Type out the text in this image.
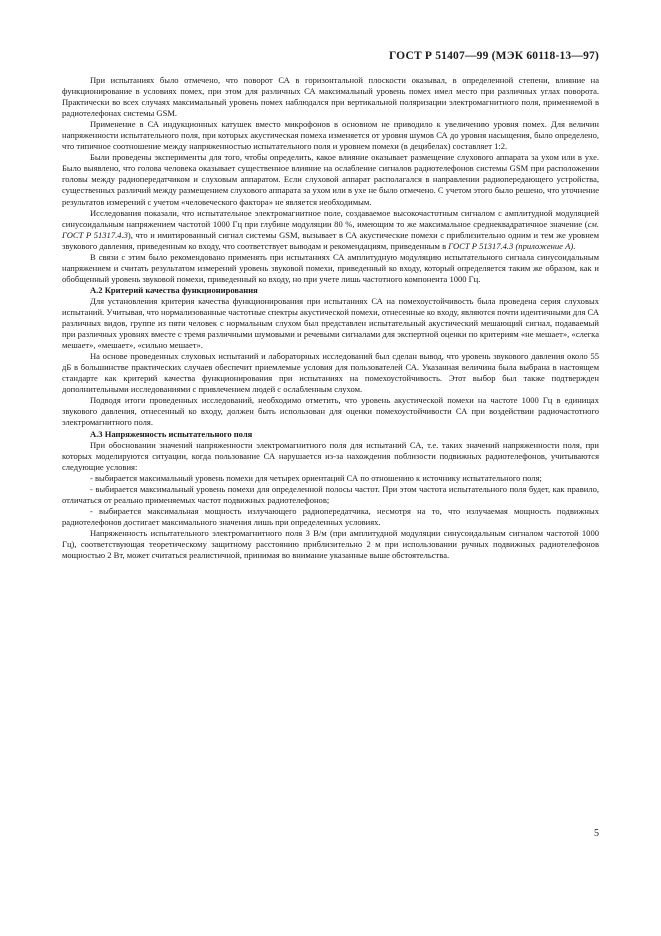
ГОСТ Р 51407—99 (МЭК 60118-13—97)

При испытаниях было отмечено, что поворот СА в горизонтальной плоскости оказывал, в определенной степени, влияние на функционирование в условиях помех, при этом для различных СА максимальный уровень помех имел место при различных углах поворота. Практически во всех случаях максимальный уровень помех наблюдался при вертикальной поляризации электромагнитного поля, применяемой в радиотелефонах системы GSM.

Применение в СА индукционных катушек вместо микрофонов в основном не приводило к увеличению уровня помех. Для величин напряженности испытательного поля, при которых акустическая помеха изменяется от уровня шумов СА до уровня насыщения, было определено, что типичное соотношение между напряженностью испытательного поля и уровнем помехи (в децибелах) составляет 1:2.

Были проведены эксперименты для того, чтобы определить, какое влияние оказывает размещение слухового аппарата за ухом или в ухе. Было выявлено, что голова человека оказывает существенное влияние на ослабление сигналов радиотелефонов системы GSM при расположении головы между радиопередатчиком и слуховым аппаратом. Если слуховой аппарат располагался в направлении радиопередающего устройства, существенных различий между размещением слухового аппарата за ухом или в ухе не было отмечено. С учетом этого было решено, что уточнение результатов измерений с учетом «человеческого фактора» не является необходимым.

Исследования показали, что испытательное электромагнитное поле, создаваемое высокочастотным сигналом с амплитудной модуляцией синусоидальным напряжением частотой 1000 Гц при глубине модуляции 80 %, имеющим то же максимальное среднеквадратичное значение (см. ГОСТ Р 51317.4.3), что и имитированный сигнал системы GSM, вызывает в СА акустические помехи с приблизительно одним и тем же уровнем звукового давления, приведенным ко входу, что соответствует выводам и рекомендациям, приведенным в ГОСТ Р 51317.4.3 (приложение А).

В связи с этим было рекомендовано применять при испытаниях СА амплитудную модуляцию испытательного сигнала синусоидальным напряжением и считать результатом измерений уровень звуковой помехи, приведенный ко входу, который определяется таким же образом, как и обобщенный уровень звуковой помехи, приведенный ко входу, но при учете лишь частотного компонента 1000 Гц.

А.2 Критерий качества функционирования

Для установления критерия качества функционирования при испытаниях СА на помехоустойчивость была проведена серия слуховых испытаний. Учитывая, что нормализованные частотные спектры акустической помехи, отнесенные ко входу, являются почти идентичными для СА различных видов, группе из пяти человек с нормальным слухом был представлен испытательный акустический мешающий сигнал, подаваемый при различных уровнях вместе с тремя различными шумовыми и речевыми сигналами для экспертной оценки по критериям «не мешает», «слегка мешает», «мешает», «сильно мешает».

На основе проведенных слуховых испытаний и лабораторных исследований был сделан вывод, что уровень звукового давления около 55 дБ в большинстве практических случаев обеспечит приемлемые условия для пользователей СА. Указанная величина была выбрана в настоящем стандарте как критерий качества функционирования при испытаниях на помехоустойчивость. Этот выбор был также подтвержден дополнительными исследованиями с привлечением людей с ослабленным слухом.

Подводя итоги проведенных исследований, необходимо отметить, что уровень акустической помехи на частоте 1000 Гц в единицах звукового давления, отнесенный ко входу, должен быть использован для оценки помехоустойчивости СА при воздействии радиочастотного электромагнитного поля.

А.3 Напряженность испытательного поля

При обосновании значений напряженности электромагнитного поля для испытаний СА, т.е. таких значений напряженности поля, при которых моделируются ситуации, когда пользование СА нарушается из-за нахождения поблизости подвижных радиотелефонов, учитываются следующие условия:

- выбирается максимальный уровень помехи для четырех ориентаций СА по отношению к источнику испытательного поля;

- выбирается максимальный уровень помехи для определенной полосы частот. При этом частота испытательного поля будет, как правило, отличаться от реально применяемых частот подвижных радиотелефонов;

- выбирается максимальная мощность излучающего радиопередатчика, несмотря на то, что излучаемая мощность подвижных радиотелефонов достигает максимального значения лишь при определенных условиях.

Напряженность испытательного электромагнитного поля 3 В/м (при амплитудной модуляции синусоидальным сигналом частотой 1000 Гц), соответствующая теоретическому защитному расстоянию приблизительно 2 м при использовании ручных подвижных радиотелефонов мощностью 2 Вт, может считаться реалистичной, принимая во внимание указанные выше обстоятельства.

5
